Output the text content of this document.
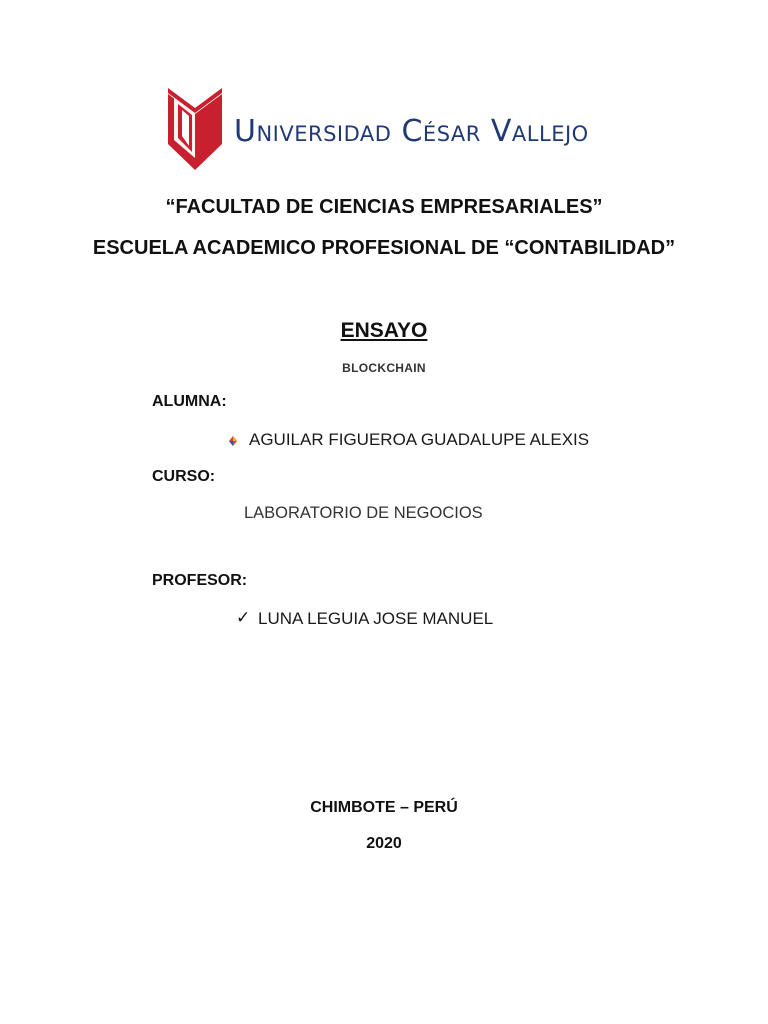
Universidad César Vallejo
“FACULTAD DE CIENCIAS EMPRESARIALES”
ESCUELA ACADEMICO PROFESIONAL DE “CONTABILIDAD”
ENSAYO
BLOCKCHAIN
ALUMNA:
AGUILAR FIGUEROA GUADALUPE ALEXIS
CURSO:
LABORATORIO DE NEGOCIOS
PROFESOR:
✓ LUNA LEGUIA JOSE MANUEL
CHIMBOTE – PERÚ
2020
